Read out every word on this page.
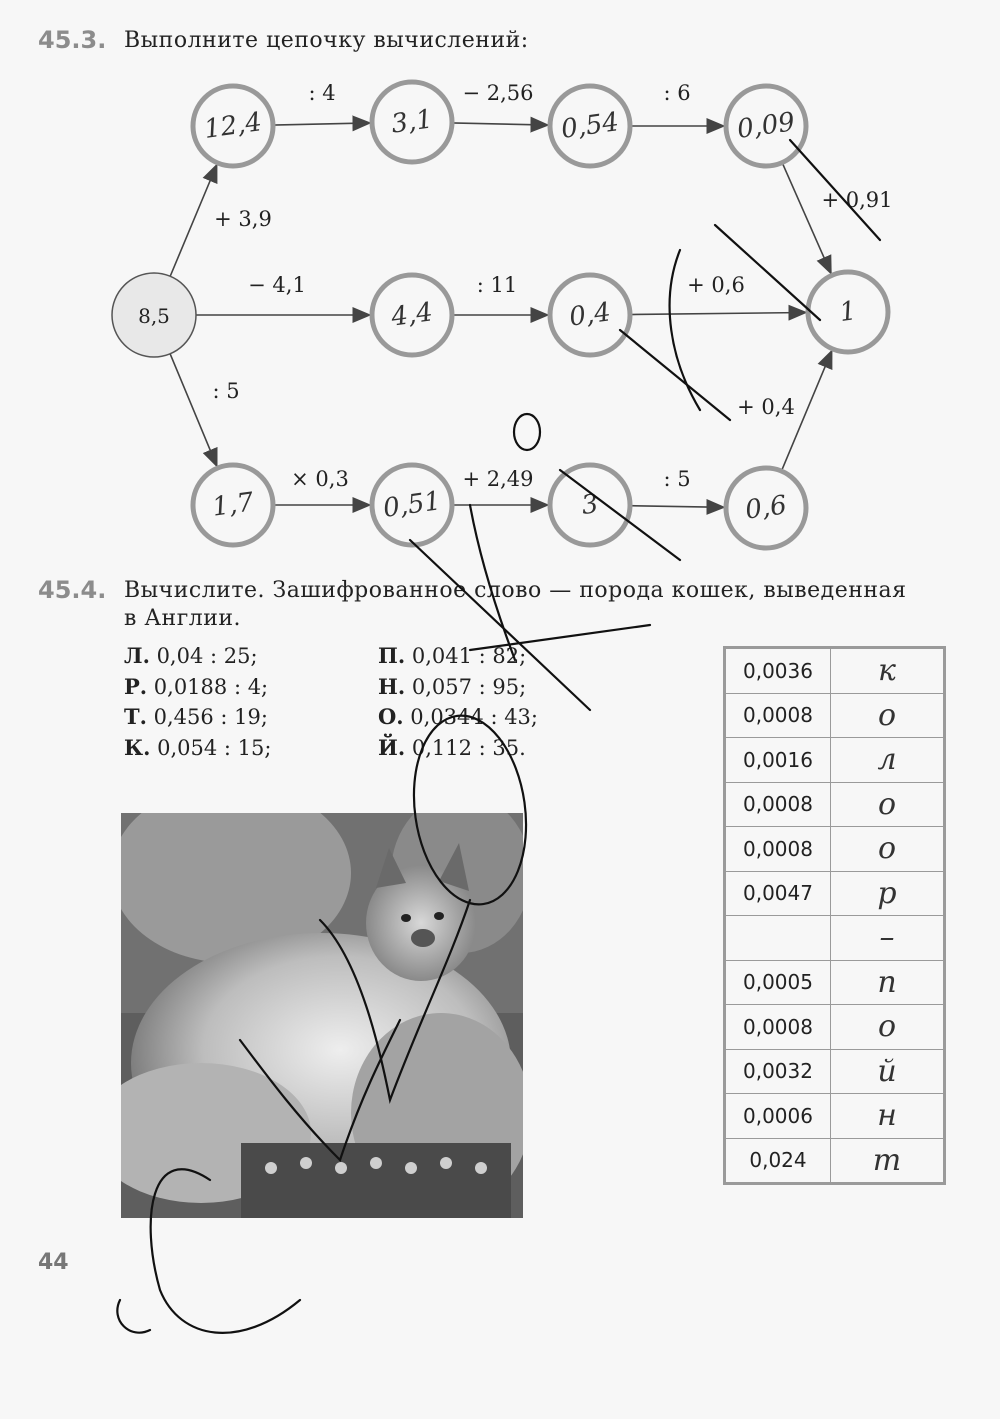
45.3. Выполните цепочку вычислений:
8,5
12,4	3,1	0,54	0,09
4,4	0,4	1
1,7	0,51	3	0,6
+ 3,9
: 4	− 2,56	: 6
+ 0,91
− 4,1	: 11	+ 0,6
: 5
× 0,3	+ 2,49	: 5
+ 0,4
45.4. Вычислите. Зашифрованное слово — порода кошек, выведенная
в Англии.
Л. 0,04 : 25;
Р. 0,0188 : 4;
Т. 0,456 : 19;
К. 0,054 : 15;
П. 0,041 : 82;
Н. 0,057 : 95;
О. 0,0344 : 43;
Й. 0,112 : 35.
0,0036	к
0,0008	о
0,0016	л
0,0008	о
0,0008	о
0,0047	р
	–
0,0005	п
0,0008	о
0,0032	й
0,0006	н
0,024	т
44
